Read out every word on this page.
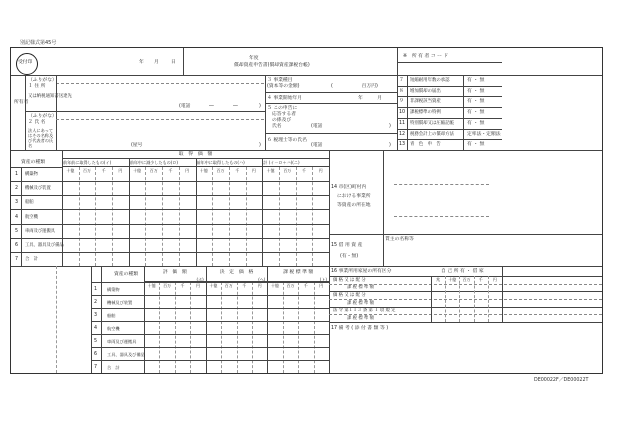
別記様式第45号
受付印	年 月	日
年度
償却資産申告書(償却資産課税台帳)
※　所 有 者 コ ー ド
所有者
（ふりがな）
１ 住 所
又は納税通知書送達先
(電話	―　　　　―	)
（ふりがな）
２ 氏 名
法人にあってはその名称及び代表者の氏名	(屋号	)
３ 事業種目
(資本等の金額)	(　　　　　　百万円)
４ 事業開始年月	年　　　月
５ この申告に
応答する者
の係及び
氏名	(電話	)
６ 税理士等の氏名
(電話	)
資産の種類
取　得　価　額
14 市(区)町村内
における事業所
等資産の所在地
賃主の名称等
15 借 用 資 産
(有・無)
資産の種類
16 事業所用家屋の所有区分	自 己 所 有 ・ 借 家
17 備 考 ( 添 付 書 類 等 )
７ 短縮耐用年数の承認	有 ・ 無
８ 増加償却の届出	有 ・ 無
９ 非課税該当資産	有 ・ 無
10 課税標準の特例	有 ・ 無
11 特別償却又は圧縮記帳	有 ・ 無
12 税務会計上の償却方法	定率法・定額法
13 青　色　申　告	有 ・ 無
前年前に取得したもの(イ)
十億	百万	千	円
前年中に減少したもの(ロ)
十億	百万	千	円
前年中に取得したもの(ハ)
十億	百万	千	円
計 (イ－ロ＋ハ)(ニ)
十億	百万	千	円
1 構築物
2 機械及び装置
3 船舶
4 航空機
5 車両及び運搬具
6 工具、器具及び備品
7 合　計
評　価　額
(ホ)
十億	百万	千	円
決　定　価　格
(へ)
十億	百万	千	円
課 税 標 準 額
(ト)
十億	百万	千	円
1 構築物
2 機械及び装置
3 船舶
4 航空機
5 車両及び運搬具
6 工具、器具及び備品
7 合　計
価 格 又 は 配 分
課 税 標 準 額
価 格 又 は 配 分
課 税 標 準 額
法 令 第１１３ 条 第 １ 項 規 定
課 税 標 準 額
兆	十億	百万	千	円
DE00022F／DE00022T
